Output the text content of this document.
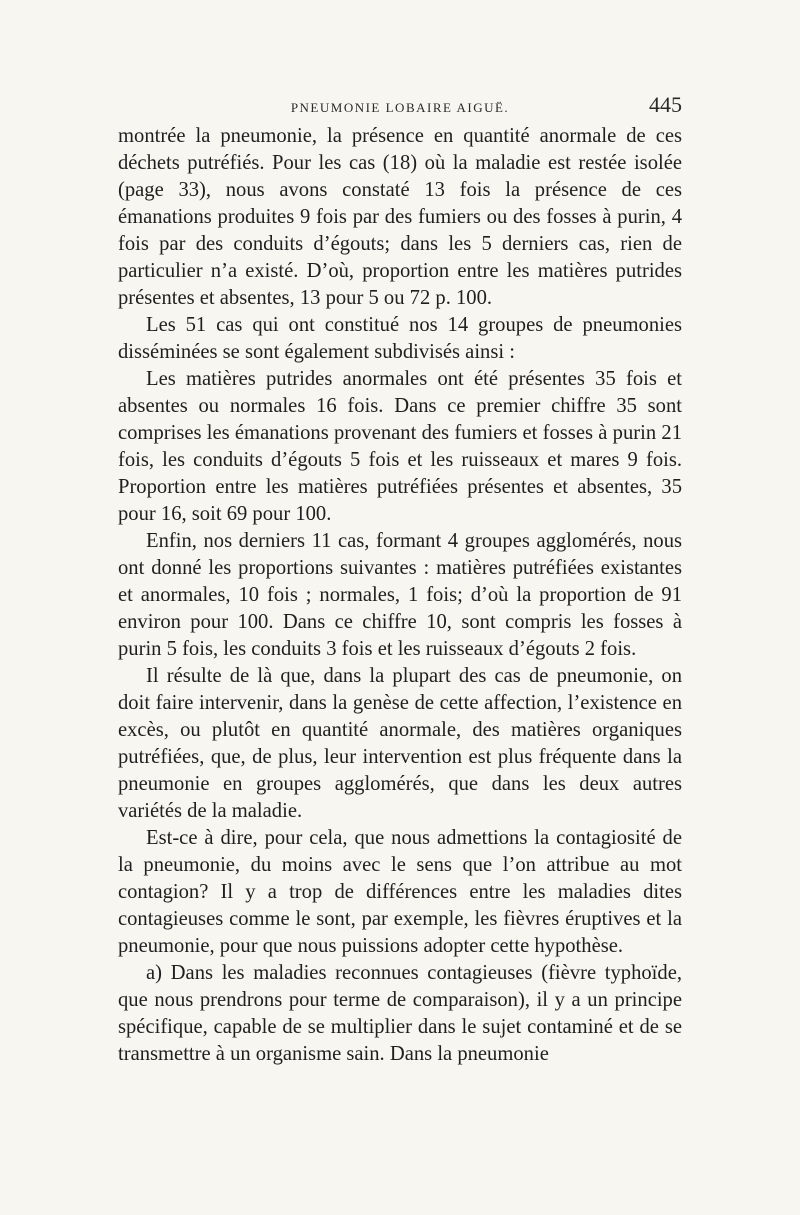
PNEUMONIE LOBAIRE AIGUË.	445

montrée la pneumonie, la présence en quantité anormale de ces déchets putréfiés. Pour les cas (18) où la maladie est restée isolée (page 33), nous avons constaté 13 fois la présence de ces émanations produites 9 fois par des fumiers ou des fosses à purin, 4 fois par des conduits d’égouts; dans les 5 derniers cas, rien de particulier n’a existé. D’où, proportion entre les matières putrides présentes et absentes, 13 pour 5 ou 72 p. 100.

Les 51 cas qui ont constitué nos 14 groupes de pneumonies disséminées se sont également subdivisés ainsi :

Les matières putrides anormales ont été présentes 35 fois et absentes ou normales 16 fois. Dans ce premier chiffre 35 sont comprises les émanations provenant des fumiers et fosses à purin 21 fois, les conduits d’égouts 5 fois et les ruisseaux et mares 9 fois. Proportion entre les matières putréfiées présentes et absentes, 35 pour 16, soit 69 pour 100.

Enfin, nos derniers 11 cas, formant 4 groupes agglomérés, nous ont donné les proportions suivantes : matières putréfiées existantes et anormales, 10 fois ; normales, 1 fois; d’où la proportion de 91 environ pour 100. Dans ce chiffre 10, sont compris les fosses à purin 5 fois, les conduits 3 fois et les ruisseaux d’égouts 2 fois.

Il résulte de là que, dans la plupart des cas de pneumonie, on doit faire intervenir, dans la genèse de cette affection, l’existence en excès, ou plutôt en quantité anormale, des matières organiques putréfiées, que, de plus, leur intervention est plus fréquente dans la pneumonie en groupes agglomérés, que dans les deux autres variétés de la maladie.

Est-ce à dire, pour cela, que nous admettions la contagiosité de la pneumonie, du moins avec le sens que l’on attribue au mot contagion? Il y a trop de différences entre les maladies dites contagieuses comme le sont, par exemple, les fièvres éruptives et la pneumonie, pour que nous puissions adopter cette hypothèse.

a) Dans les maladies reconnues contagieuses (fièvre typhoïde, que nous prendrons pour terme de comparaison), il y a un principe spécifique, capable de se multiplier dans le sujet contaminé et de se transmettre à un organisme sain. Dans la pneumonie
